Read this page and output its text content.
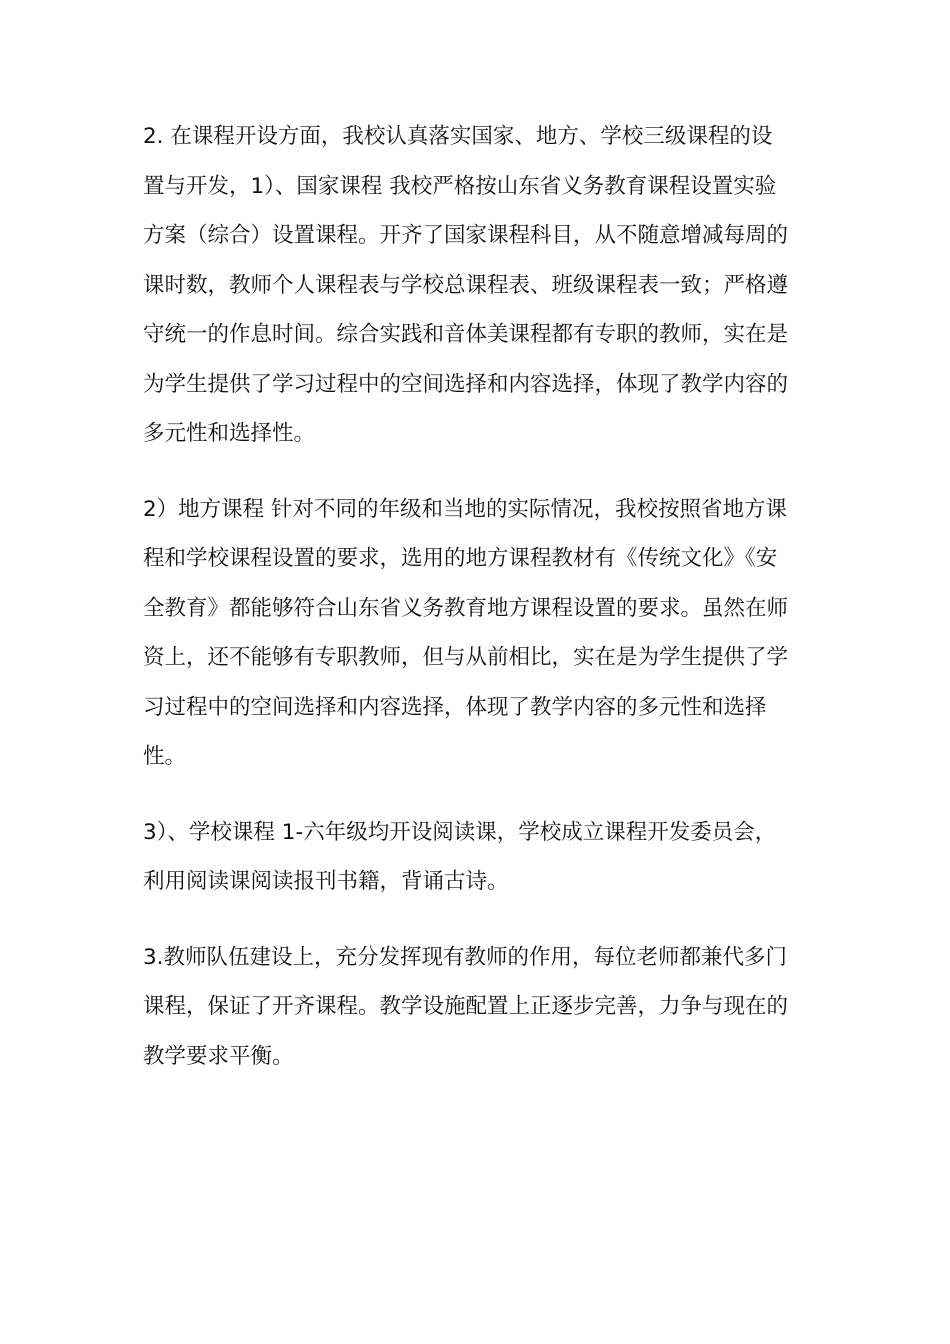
2. 在课程开设方面，我校认真落实国家、地方、学校三级课程的设
置与开发，1）、国家课程 我校严格按山东省义务教育课程设置实验
方案（综合）设置课程。开齐了国家课程科目，从不随意增减每周的
课时数，教师个人课程表与学校总课程表、班级课程表一致；严格遵
守统一的作息时间。综合实践和音体美课程都有专职的教师，实在是
为学生提供了学习过程中的空间选择和内容选择，体现了教学内容的
多元性和选择性。

2）地方课程 针对不同的年级和当地的实际情况，我校按照省地方课
程和学校课程设置的要求，选用的地方课程教材有《传统文化》《安
全教育》都能够符合山东省义务教育地方课程设置的要求。虽然在师
资上，还不能够有专职教师，但与从前相比，实在是为学生提供了学
习过程中的空间选择和内容选择，体现了教学内容的多元性和选择
性。

3）、学校课程 1-六年级均开设阅读课，学校成立课程开发委员会，
利用阅读课阅读报刊书籍，背诵古诗。

3.教师队伍建设上，充分发挥现有教师的作用，每位老师都兼代多门
课程，保证了开齐课程。教学设施配置上正逐步完善，力争与现在的
教学要求平衡。
